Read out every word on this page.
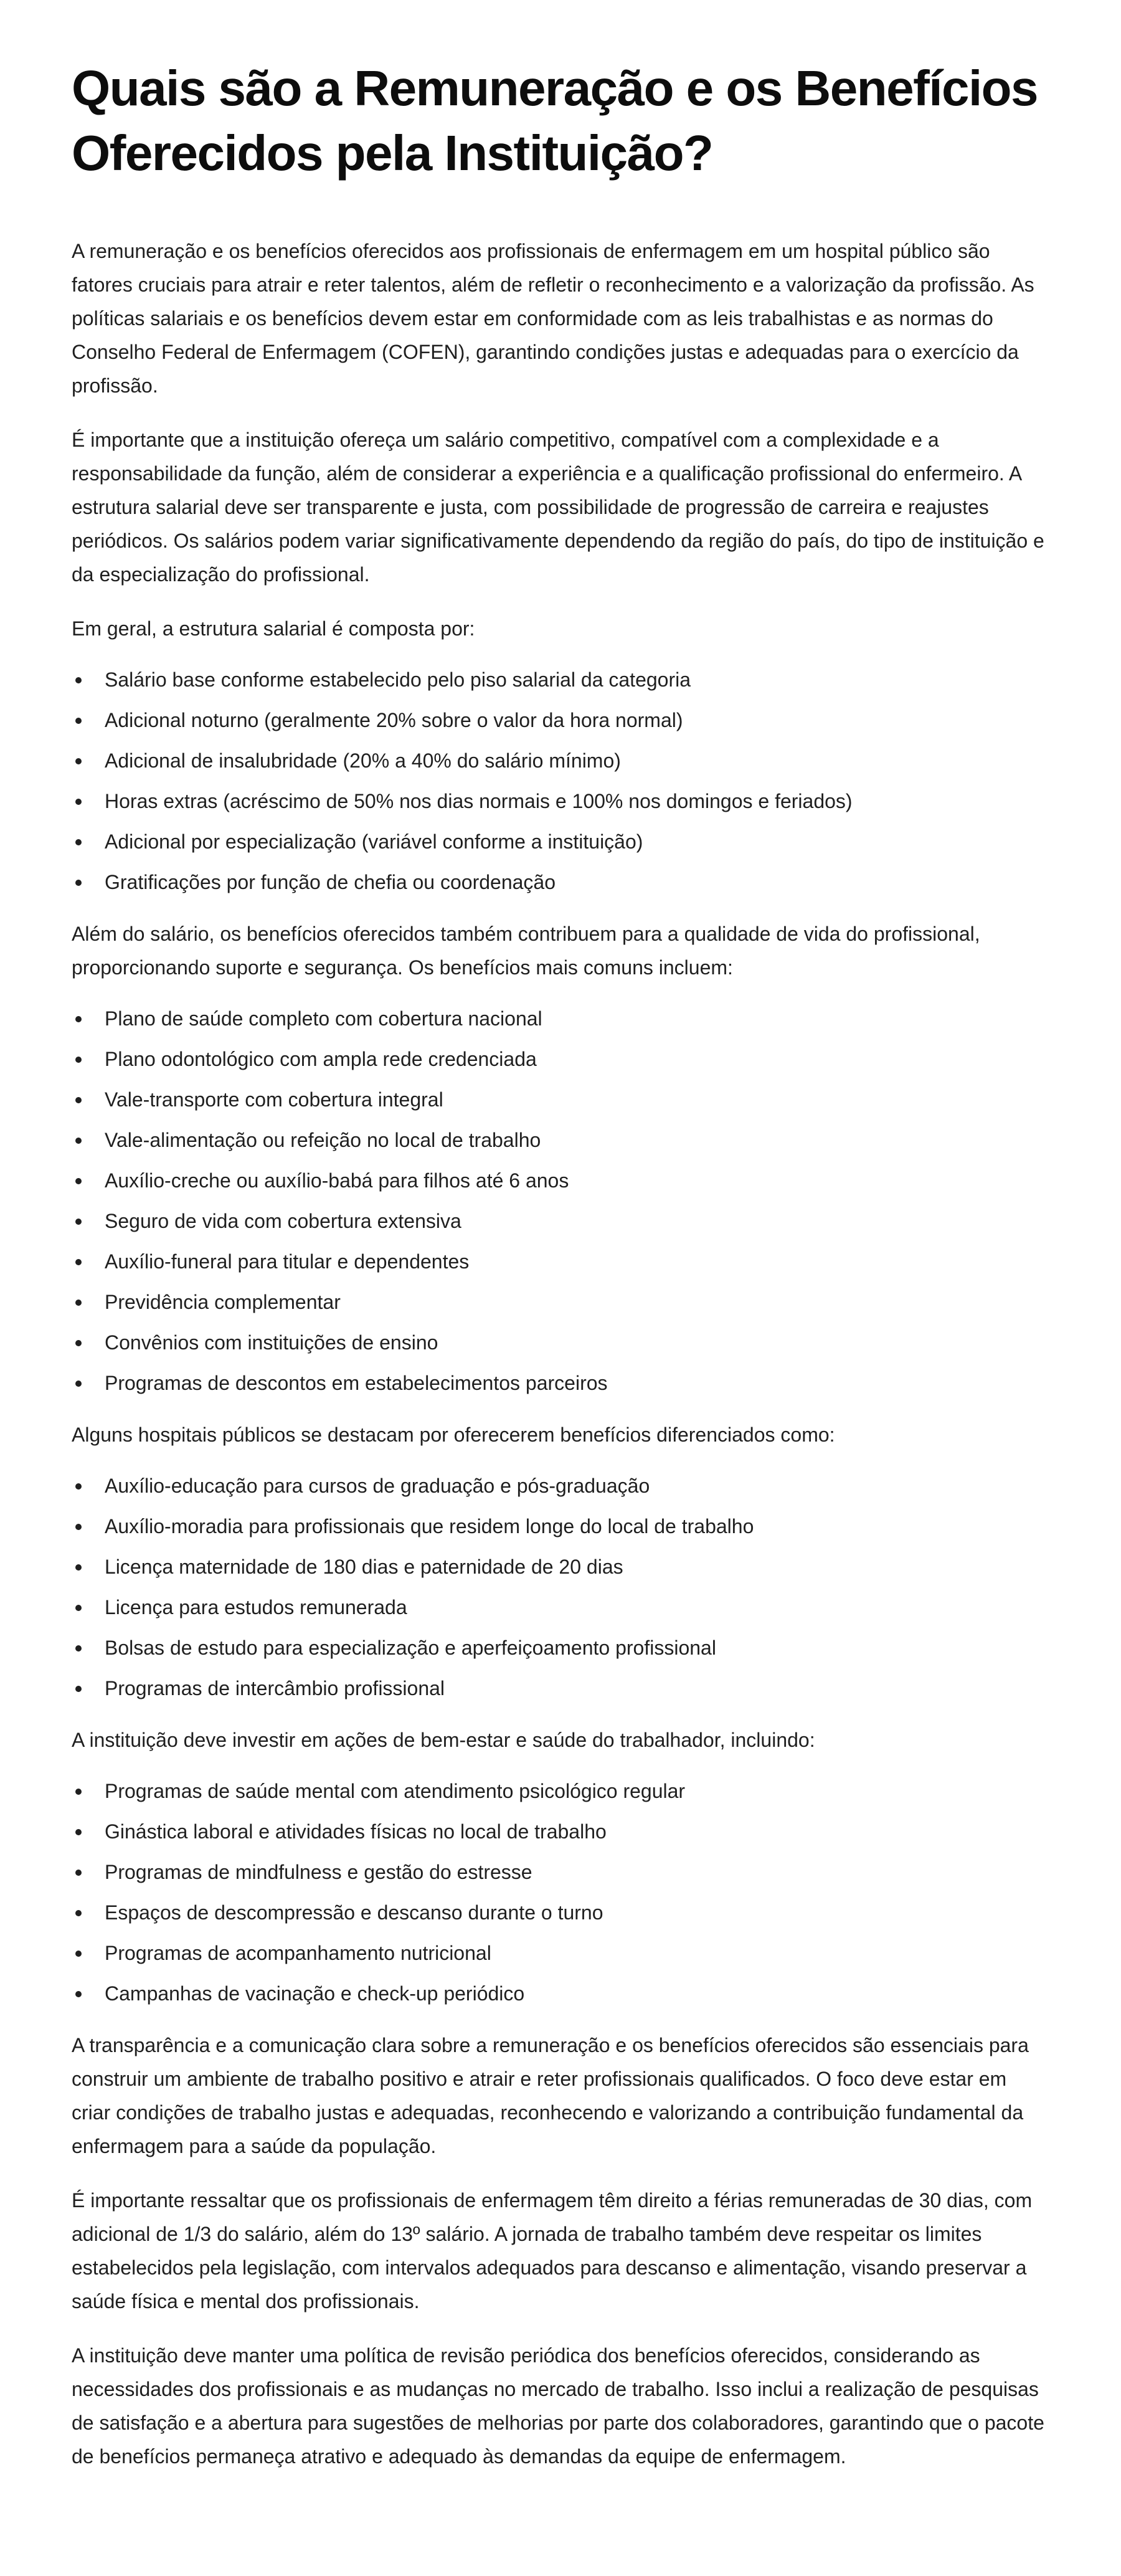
Quais são a Remuneração e os Benefícios Oferecidos pela Instituição?

A remuneração e os benefícios oferecidos aos profissionais de enfermagem em um hospital público são fatores cruciais para atrair e reter talentos, além de refletir o reconhecimento e a valorização da profissão. As políticas salariais e os benefícios devem estar em conformidade com as leis trabalhistas e as normas do Conselho Federal de Enfermagem (COFEN), garantindo condições justas e adequadas para o exercício da profissão.

É importante que a instituição ofereça um salário competitivo, compatível com a complexidade e a responsabilidade da função, além de considerar a experiência e a qualificação profissional do enfermeiro. A estrutura salarial deve ser transparente e justa, com possibilidade de progressão de carreira e reajustes periódicos. Os salários podem variar significativamente dependendo da região do país, do tipo de instituição e da especialização do profissional.

Em geral, a estrutura salarial é composta por:

Salário base conforme estabelecido pelo piso salarial da categoria
Adicional noturno (geralmente 20% sobre o valor da hora normal)
Adicional de insalubridade (20% a 40% do salário mínimo)
Horas extras (acréscimo de 50% nos dias normais e 100% nos domingos e feriados)
Adicional por especialização (variável conforme a instituição)
Gratificações por função de chefia ou coordenação

Além do salário, os benefícios oferecidos também contribuem para a qualidade de vida do profissional, proporcionando suporte e segurança. Os benefícios mais comuns incluem:

Plano de saúde completo com cobertura nacional
Plano odontológico com ampla rede credenciada
Vale-transporte com cobertura integral
Vale-alimentação ou refeição no local de trabalho
Auxílio-creche ou auxílio-babá para filhos até 6 anos
Seguro de vida com cobertura extensiva
Auxílio-funeral para titular e dependentes
Previdência complementar
Convênios com instituições de ensino
Programas de descontos em estabelecimentos parceiros

Alguns hospitais públicos se destacam por oferecerem benefícios diferenciados como:

Auxílio-educação para cursos de graduação e pós-graduação
Auxílio-moradia para profissionais que residem longe do local de trabalho
Licença maternidade de 180 dias e paternidade de 20 dias
Licença para estudos remunerada
Bolsas de estudo para especialização e aperfeiçoamento profissional
Programas de intercâmbio profissional

A instituição deve investir em ações de bem-estar e saúde do trabalhador, incluindo:

Programas de saúde mental com atendimento psicológico regular
Ginástica laboral e atividades físicas no local de trabalho
Programas de mindfulness e gestão do estresse
Espaços de descompressão e descanso durante o turno
Programas de acompanhamento nutricional
Campanhas de vacinação e check-up periódico

A transparência e a comunicação clara sobre a remuneração e os benefícios oferecidos são essenciais para construir um ambiente de trabalho positivo e atrair e reter profissionais qualificados. O foco deve estar em criar condições de trabalho justas e adequadas, reconhecendo e valorizando a contribuição fundamental da enfermagem para a saúde da população.

É importante ressaltar que os profissionais de enfermagem têm direito a férias remuneradas de 30 dias, com adicional de 1/3 do salário, além do 13º salário. A jornada de trabalho também deve respeitar os limites estabelecidos pela legislação, com intervalos adequados para descanso e alimentação, visando preservar a saúde física e mental dos profissionais.

A instituição deve manter uma política de revisão periódica dos benefícios oferecidos, considerando as necessidades dos profissionais e as mudanças no mercado de trabalho. Isso inclui a realização de pesquisas de satisfação e a abertura para sugestões de melhorias por parte dos colaboradores, garantindo que o pacote de benefícios permaneça atrativo e adequado às demandas da equipe de enfermagem.
